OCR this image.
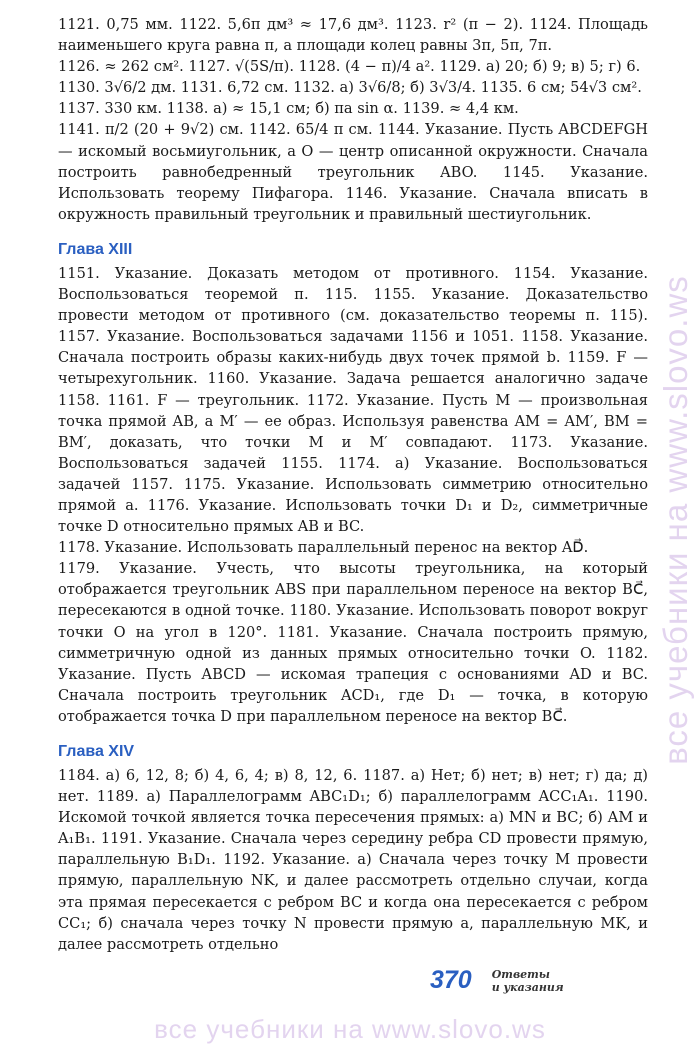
все учебники на www.slovo.ws

1121. 0,75 мм. 1122. 5,6π дм³ ≈ 17,6 дм³. 1123. r² (π − 2). 1124. Площадь наименьшего круга равна π, а площади колец равны 3π, 5π, 7π.

1126. ≈ 262 см². 1127. √(5S/π). 1128. (4 − π)/4 a². 1129. а) 20; б) 9; в) 5; г) 6.

1130. 3√6/2 дм. 1131. 6,72 см. 1132. а) 3√6/8; б) 3√3/4. 1135. 6 см; 54√3 см².

1137. 330 км. 1138. а) ≈ 15,1 см; б) πa sin α. 1139. ≈ 4,4 км.

1141. π/2 (20 + 9√2) см. 1142. 65/4 π см. 1144. Указание. Пусть ABCDEFGH — искомый восьмиугольник, а O — центр описанной окружности. Сначала построить равнобедренный треугольник ABO. 1145. Указание. Использовать теорему Пифагора. 1146. Указание. Сначала вписать в окружность правильный треугольник и правильный шестиугольник.

Глава XIII

1151. Указание. Доказать методом от противного. 1154. Указание. Воспользоваться теоремой п. 115. 1155. Указание. Доказательство провести методом от противного (см. доказательство теоремы п. 115). 1157. Указание. Воспользоваться задачами 1156 и 1051. 1158. Указание. Сначала построить образы каких-нибудь двух точек прямой b. 1159. F — четырехугольник. 1160. Указание. Задача решается аналогично задаче 1158. 1161. F — треугольник. 1172. Указание. Пусть M — произвольная точка прямой AB, а M′ — ее образ. Используя равенства AM = AM′, BM = BM′, доказать, что точки M и M′ совпадают. 1173. Указание. Воспользоваться задачей 1155. 1174. а) Указание. Воспользоваться задачей 1157. 1175. Указание. Использовать симметрию относительно прямой a. 1176. Указание. Использовать точки D₁ и D₂, симметричные точке D относительно прямых AB и BC.

1178. Указание. Использовать параллельный перенос на вектор AD⃗.

1179. Указание. Учесть, что высоты треугольника, на который отображается треугольник ABS при параллельном переносе на вектор BC⃗, пересекаются в одной точке. 1180. Указание. Использовать поворот вокруг точки O на угол в 120°. 1181. Указание. Сначала построить прямую, симметричную одной из данных прямых относительно точки O. 1182. Указание. Пусть ABCD — искомая трапеция с основаниями AD и BC. Сначала построить треугольник ACD₁, где D₁ — точка, в которую отображается точка D при параллельном переносе на вектор BC⃗.

Глава XIV

1184. а) 6, 12, 8; б) 4, 6, 4; в) 8, 12, 6. 1187. а) Нет; б) нет; в) нет; г) да; д) нет. 1189. а) Параллелограмм ABC₁D₁; б) параллелограмм ACC₁A₁. 1190. Искомой точкой является точка пересечения прямых: а) MN и BC; б) AM и A₁B₁. 1191. Указание. Сначала через середину ребра CD провести прямую, параллельную B₁D₁. 1192. Указание. а) Сначала через точку M провести прямую, параллельную NK, и далее рассмотреть отдельно случаи, когда эта прямая пересекается с ребром BC и когда она пересекается с ребром CC₁; б) сначала через точку N провести прямую a, параллельную MK, и далее рассмотреть отдельно

370 Ответы
и указания
все учебники на www.slovo.ws
